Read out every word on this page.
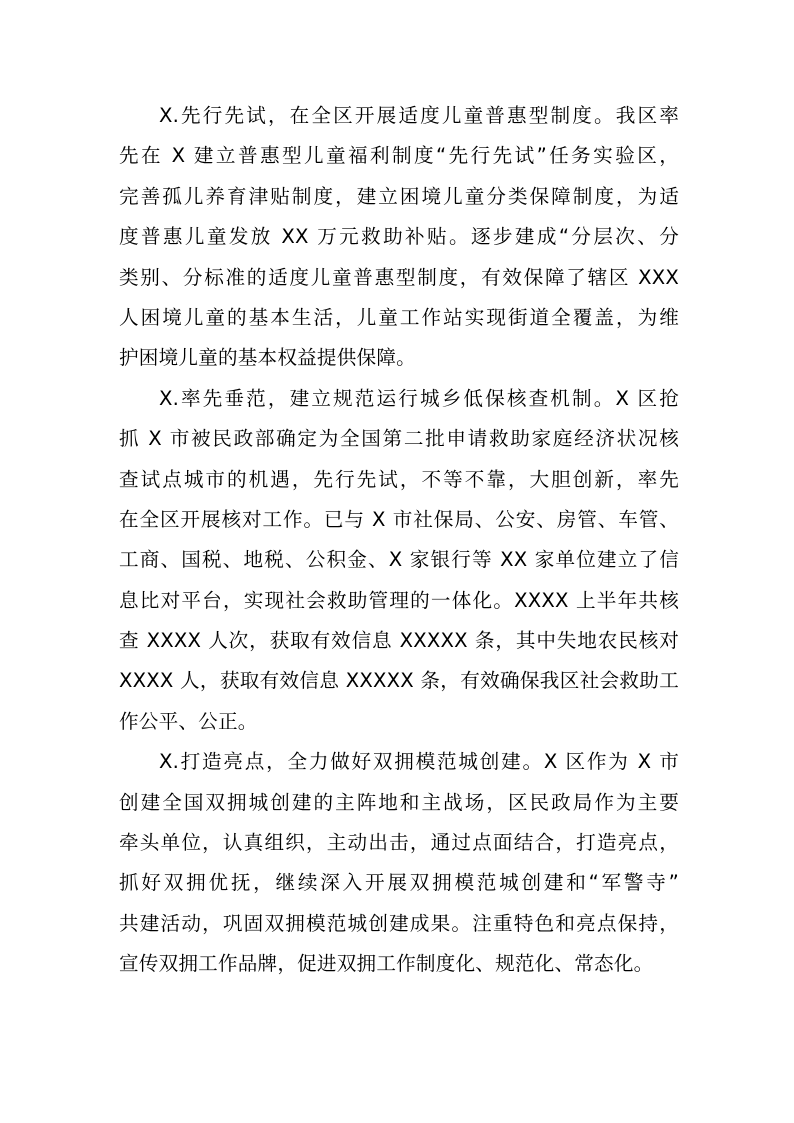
X.先行先试，在全区开展适度儿童普惠型制度。我区率
先在 X 建立普惠型儿童福利制度“先行先试”任务实验区，
完善孤儿养育津贴制度，建立困境儿童分类保障制度，为适
度普惠儿童发放 XX 万元救助补贴。逐步建成“分层次、分
类别、分标准的适度儿童普惠型制度，有效保障了辖区 XXX
人困境儿童的基本生活，儿童工作站实现街道全覆盖，为维
护困境儿童的基本权益提供保障。
X.率先垂范，建立规范运行城乡低保核查机制。X 区抢
抓 X 市被民政部确定为全国第二批申请救助家庭经济状况核
查试点城市的机遇，先行先试，不等不靠，大胆创新，率先
在全区开展核对工作。已与 X 市社保局、公安、房管、车管、
工商、国税、地税、公积金、X 家银行等 XX 家单位建立了信
息比对平台，实现社会救助管理的一体化。XXXX 上半年共核
查 XXXX 人次，获取有效信息 XXXXX 条，其中失地农民核对
XXXX 人，获取有效信息 XXXXX 条，有效确保我区社会救助工
作公平、公正。
X.打造亮点，全力做好双拥模范城创建。X 区作为 X 市
创建全国双拥城创建的主阵地和主战场，区民政局作为主要
牵头单位，认真组织，主动出击，通过点面结合，打造亮点，
抓好双拥优抚，继续深入开展双拥模范城创建和“军警寺”
共建活动，巩固双拥模范城创建成果。注重特色和亮点保持，
宣传双拥工作品牌，促进双拥工作制度化、规范化、常态化。
